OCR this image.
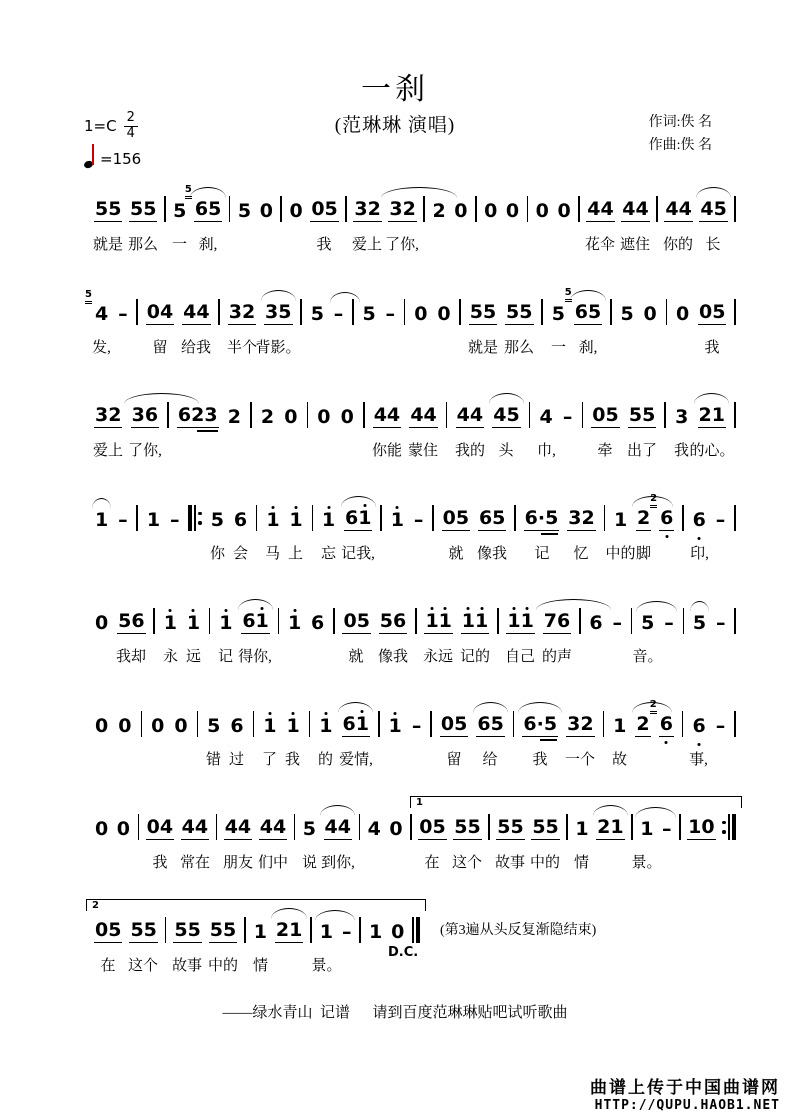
一刹
(范琳琳 演唱)
$1=C \frac{2}{4}$
=156
作词:佚 名
作曲:佚 名
55 55 5 65
5
5 0 0 05 32 32 2 0 0 0 0 0 44 44 44 45
就是 那么 一 刹,	我 爱上 了你,	花伞 遮住 你的 长
4
5
– 04 44 32 35 5 – 5 – 0 0 55 55 5 65
5
5 0 0 05
发,	留 给我 半个
背影。	就是 那么 一 刹,	我
32 36 623 2 2 0 0 0 44 44 44 45 4 – 05 55 3 21
爱上 了你,	你能 蒙住 我的 头 巾,	牵 出了 我 的心。
1 – 1 – 5 6 1 1 1 61 1 – 05 65 6·5 32 1 2 6
2
6 –
你 会 马 上 忘 记我,	就 像我 记 忆 中的 脚	印,
0 56 1 1 1 61 1 6 05 56 1
1 1
1 1
1 76 6 – 5 – 5 –
我却 永 远 记 得你,	就 像我 永远 记的 自己 的声	音。
0 0 0 0 5 6 1 1 1 61 1 – 05 65 6·5 32 1 2 6
2
6 –
错 过 了 我 的 爱情,	留 给 我 一个 故	事,
0 0 04 44 44 44 5 44 4 0 05 55 55 55 1 21 1 – 10
我 常在 朋友 们中 说 到你,	在 这个 故事 中的 情	景。
1
05 55 55 55 1 21 1 – 1 0
在 这个 故事 中的 情	景。
(第3遍从头反复渐隐结束)
2
D.C.
——绿水青山  记谱      请到百度范琳琳贴吧试听歌曲
曲谱上传于中国曲谱网
HTTP://QUPU.HAOB1.NET
